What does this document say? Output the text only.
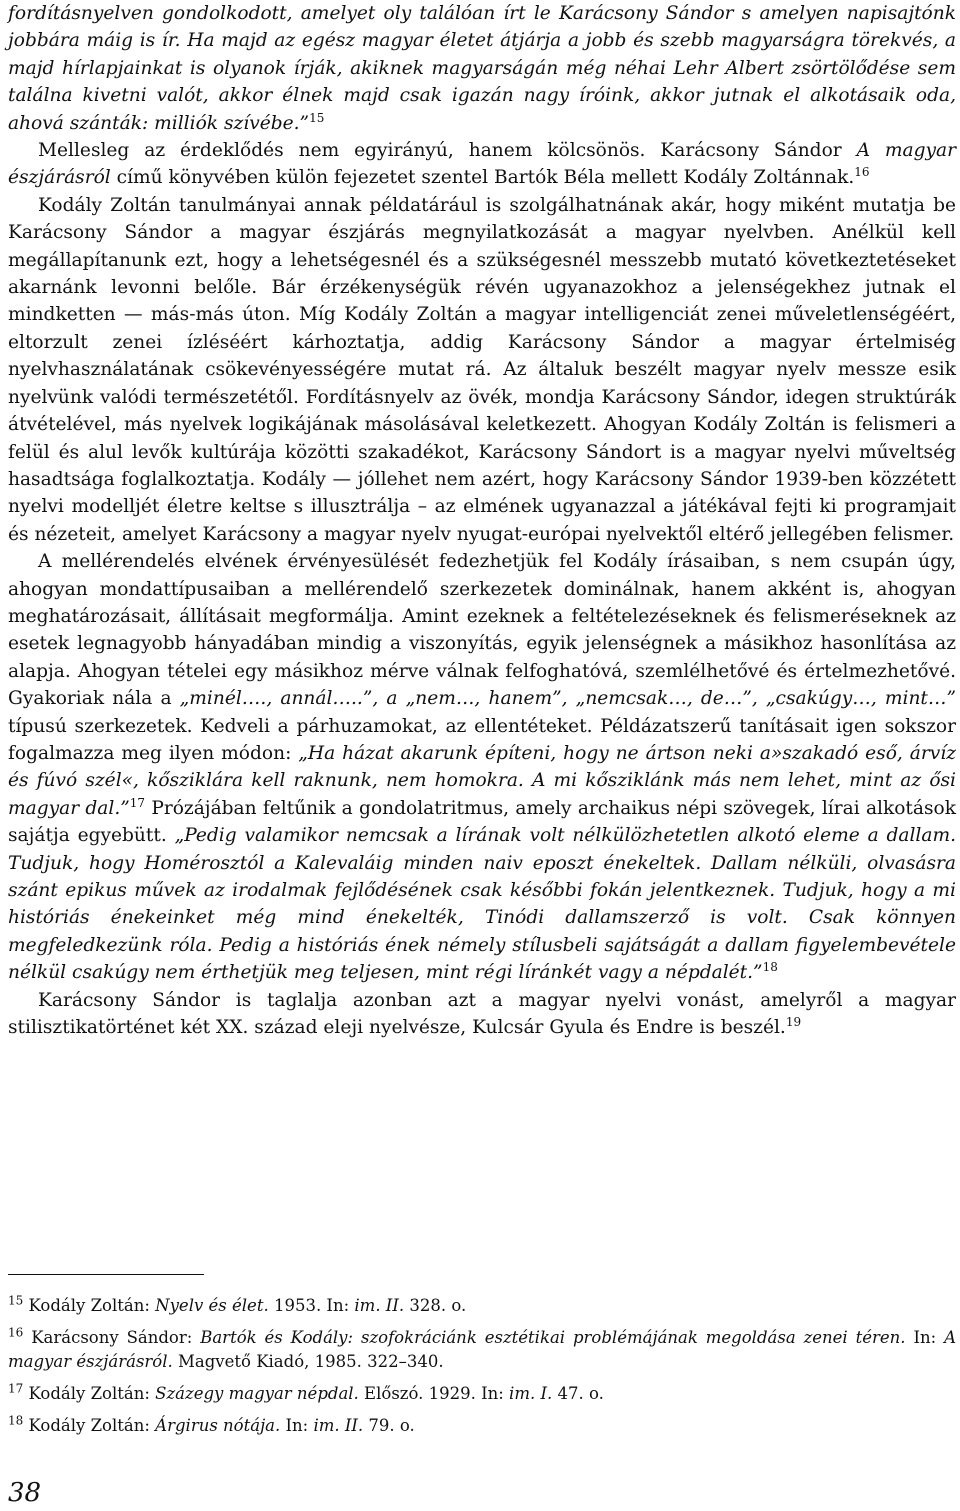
fordításnyelven gondolkodott, amelyet oly találóan írt le Karácsony Sándor s amelyen napisajtónk jobbára máig is ír. Ha majd az egész magyar életet átjárja a jobb és szebb magyarságra törekvés, a majd hírlapjainkat is olyanok írják, akiknek magyarságán még néhai Lehr Albert zsörtölődése sem találna kivetni valót, akkor élnek majd csak igazán nagy íróink, akkor jutnak el alkotásaik oda, ahová szánták: milliók szívébe.”$^{15}$

Mellesleg az érdeklődés nem egyirányú, hanem kölcsönös. Karácsony Sándor A magyar észjárásról című könyvében külön fejezetet szentel Bartók Béla mellett Kodály Zoltánnak.$^{16}$

Kodály Zoltán tanulmányai annak példatárául is szolgálhatnának akár, hogy miként mutatja be Karácsony Sándor a magyar észjárás megnyilatkozását a magyar nyelvben. Anélkül kell megállapítanunk ezt, hogy a lehetségesnél és a szükségesnél messzebb mutató következtetéseket akarnánk levonni belőle. Bár érzékenységük révén ugyanazokhoz a jelenségekhez jutnak el mindketten — más-más úton. Míg Kodály Zoltán a magyar intelligenciát zenei műveletlenségéért, eltorzult zenei ízléséért kárhoztatja, addig Karácsony Sándor a magyar értelmiség nyelvhasználatának csökevényességére mutat rá. Az általuk beszélt magyar nyelv messze esik nyelvünk valódi természetétől. Fordításnyelv az övék, mondja Karácsony Sándor, idegen struktúrák átvételével, más nyelvek logikájának másolásával keletkezett. Ahogyan Kodály Zoltán is felismeri a felül és alul levők kultúrája közötti szakadékot, Karácsony Sándort is a magyar nyelvi műveltség hasadtsága foglalkoztatja. Kodály — jóllehet nem azért, hogy Karácsony Sándor 1939-ben közzétett nyelvi modelljét életre keltse s illusztrálja – az elmének ugyanazzal a játékával fejti ki programjait és nézeteit, amelyet Karácsony a magyar nyelv nyugat-európai nyelvektől eltérő jellegében felismer.

A mellérendelés elvének érvényesülését fedezhetjük fel Kodály írásaiban, s nem csupán úgy, ahogyan mondattípusaiban a mellérendelő szerkezetek dominálnak, hanem akként is, ahogyan meghatározásait, állításait megformálja. Amint ezeknek a feltételezéseknek és felismeréseknek az esetek legnagyobb hányadában mindig a viszonyítás, egyik jelenségnek a másikhoz hasonlítása az alapja. Ahogyan tételei egy másikhoz mérve válnak felfoghatóvá, szemlélhetővé és értelmezhetővé. Gyakoriak nála a „minél…., annál…..”, a „nem…, hanem”, „nemcsak…, de…”, „csakúgy…, mint…” típusú szerkezetek. Kedveli a párhuzamokat, az ellentéteket. Példázatszerű tanításait igen sokszor fogalmazza meg ilyen módon: „Ha házat akarunk építeni, hogy ne ártson neki a»szakadó eső, árvíz és fúvó szél«, kősziklára kell raknunk, nem homokra. A mi kősziklánk más nem lehet, mint az ősi magyar dal.”$^{17}$ Prózájában feltűnik a gondolatritmus, amely archaikus népi szövegek, lírai alkotások sajátja egyebütt. „Pedig valamikor nemcsak a lírának volt nélkülözhetetlen alkotó eleme a dallam. Tudjuk, hogy Homérosztól a Kalevaláig minden naiv eposzt énekeltek. Dallam nélküli, olvasásra szánt epikus művek az irodalmak fejlődésének csak későbbi fokán jelentkeznek. Tudjuk, hogy a mi históriás énekeinket még mind énekelték, Tinódi dallamszerző is volt. Csak könnyen megfeledkezünk róla. Pedig a históriás ének némely stílusbeli sajátságát a dallam figyelembevétele nélkül csakúgy nem érthetjük meg teljesen, mint régi líránkét vagy a népdalét.”$^{18}$

Karácsony Sándor is taglalja azonban azt a magyar nyelvi vonást, amelyről a magyar stilisztikatörténet két XX. század eleji nyelvésze, Kulcsár Gyula és Endre is beszél.$^{19}$

$^{15}$ Kodály Zoltán: Nyelv és élet. 1953. In: im. II. 328. o.

$^{16}$ Karácsony Sándor: Bartók és Kodály: szofokráciánk esztétikai problémájának megoldása zenei téren. In: A magyar észjárásról. Magvető Kiadó, 1985. 322–340.

$^{17}$ Kodály Zoltán: Százegy magyar népdal. Előszó. 1929. In: im. I. 47. o.

$^{18}$ Kodály Zoltán: Árgirus nótája. In: im. II. 79. o.

38
